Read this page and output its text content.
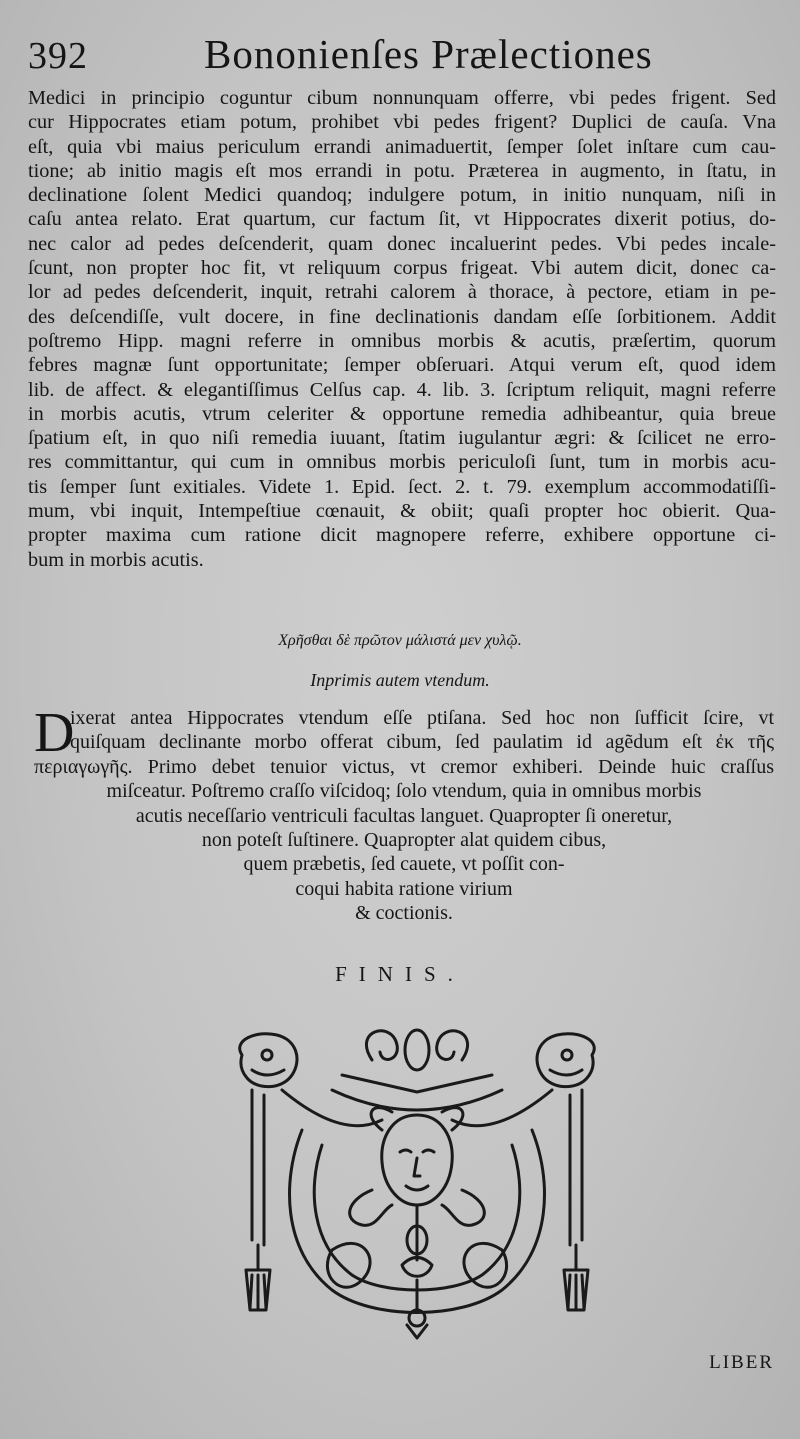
392	Bononienſes Prælectiones
Medici in principio coguntur cibum nonnunquam offerre, vbi pedes frigent. Sed
cur Hippocrates etiam potum, prohibet vbi pedes frigent? Duplici de cauſa. Vna
eſt, quia vbi maius periculum errandi animaduertit, ſemper ſolet inſtare cum cau-
tione; ab initio magis eſt mos errandi in potu. Præterea in augmento, in ſtatu, in
declinatione ſolent Medici quandoq; indulgere potum, in initio nunquam, niſi in
caſu antea relato. Erat quartum, cur factum ſit, vt Hippocrates dixerit potius, do-
nec calor ad pedes deſcenderit, quam donec incaluerint pedes. Vbi pedes incale-
ſcunt, non propter hoc fit, vt reliquum corpus frigeat. Vbi autem dicit, donec ca-
lor ad pedes deſcenderit, inquit, retrahi calorem à thorace, à pectore, etiam in pe-
des deſcendiſſe, vult docere, in fine declinationis dandam eſſe ſorbitionem. Addit
poſtremo Hipp. magni referre in omnibus morbis & acutis, præſertim, quorum
febres magnæ ſunt opportunitate; ſemper obſeruari. Atqui verum eſt, quod idem
lib. de affect. & elegantiſſimus Celſus cap. 4. lib. 3. ſcriptum reliquit, magni referre
in morbis acutis, vtrum celeriter & opportune remedia adhibeantur, quia breue
ſpatium eſt, in quo niſi remedia iuuant, ſtatim iugulantur ægri: & ſcilicet ne erro-
res committantur, qui cum in omnibus morbis periculoſi ſunt, tum in morbis acu-
tis ſemper ſunt exitiales. Videte 1. Epid. ſect. 2. t. 79. exemplum accommodatiſſi-
mum, vbi inquit, Intempeſtiue cœnauit, & obiit; quaſi propter hoc obierit. Qua-
propter maxima cum ratione dicit magnopere referre, exhibere opportune ci-
bum in morbis acutis.
Χρῆσθαι δὲ πρῶτον μάλιστά μεν χυλῷ.
Inprimis autem vtendum.
D
ixerat antea Hippocrates vtendum eſſe ptiſana. Sed hoc non ſufficit ſcire, vt
quiſquam declinante morbo offerat cibum, ſed paulatim id agẽdum eſt ἐκ τῆς
περιαγωγῆς. Primo debet tenuior victus, vt cremor exhiberi. Deinde huic craſſus
miſceatur. Poſtremo craſſo viſcidoq; ſolo vtendum, quia in omnibus morbis
acutis neceſſario ventriculi facultas languet. Quapropter ſi oneretur,
non poteſt ſuſtinere. Quapropter alat quidem cibus,
quem præbetis, ſed cauete, vt poſſit con-
coqui habita ratione virium
& coctionis.
FINIS.
LIBER
